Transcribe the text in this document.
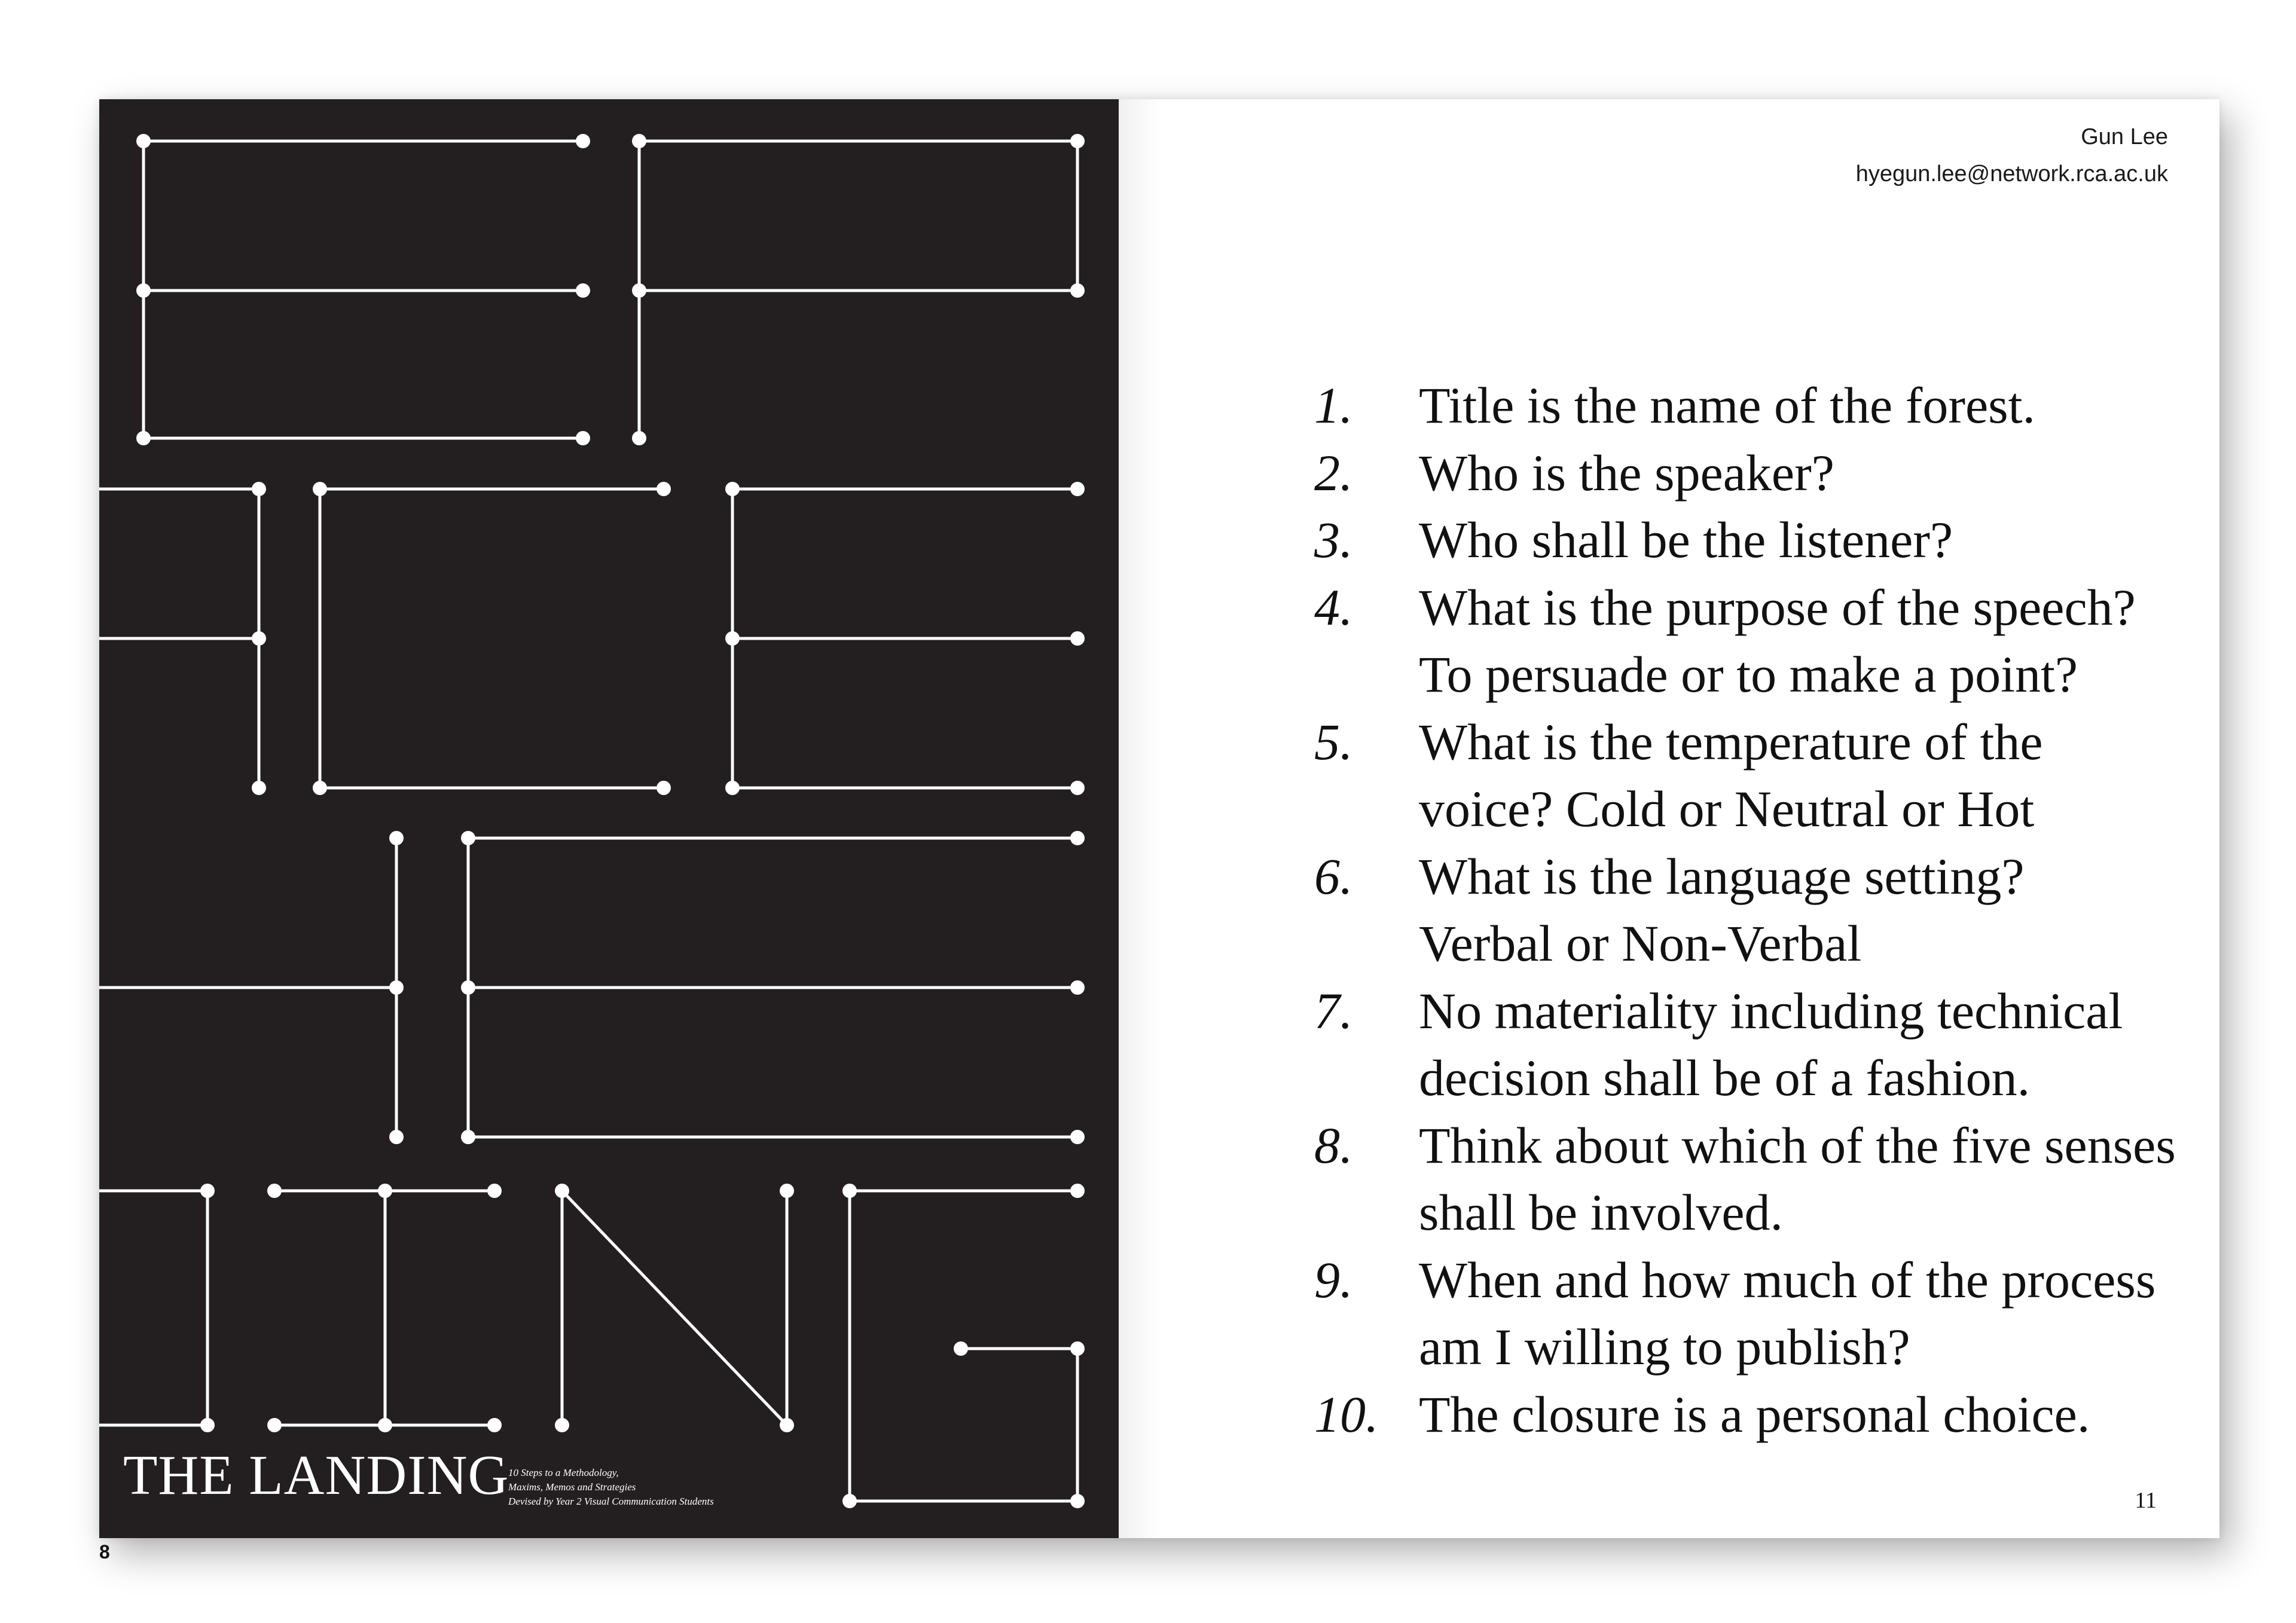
THE LANDING
10 Steps to a Methodology,
Maxims, Memos and Strategies
Devised by Year 2 Visual Communication Students
Gun Lee
hyegun.lee@network.rca.ac.uk
1.	Title is the name of the forest.
2.	Who is the speaker?
3.	Who shall be the listener?
4.	What is the purpose of the speech?
To persuade or to make a point?
5.	What is the temperature of the
voice? Cold or Neutral or Hot
6.	What is the language setting?
Verbal or Non-Verbal
7.	No materiality including technical
decision shall be of a fashion.
8.	Think about which of the five senses
shall be involved.
9.	When and how much of the process
am I willing to publish?
10. The closure is a personal choice.
11
8
